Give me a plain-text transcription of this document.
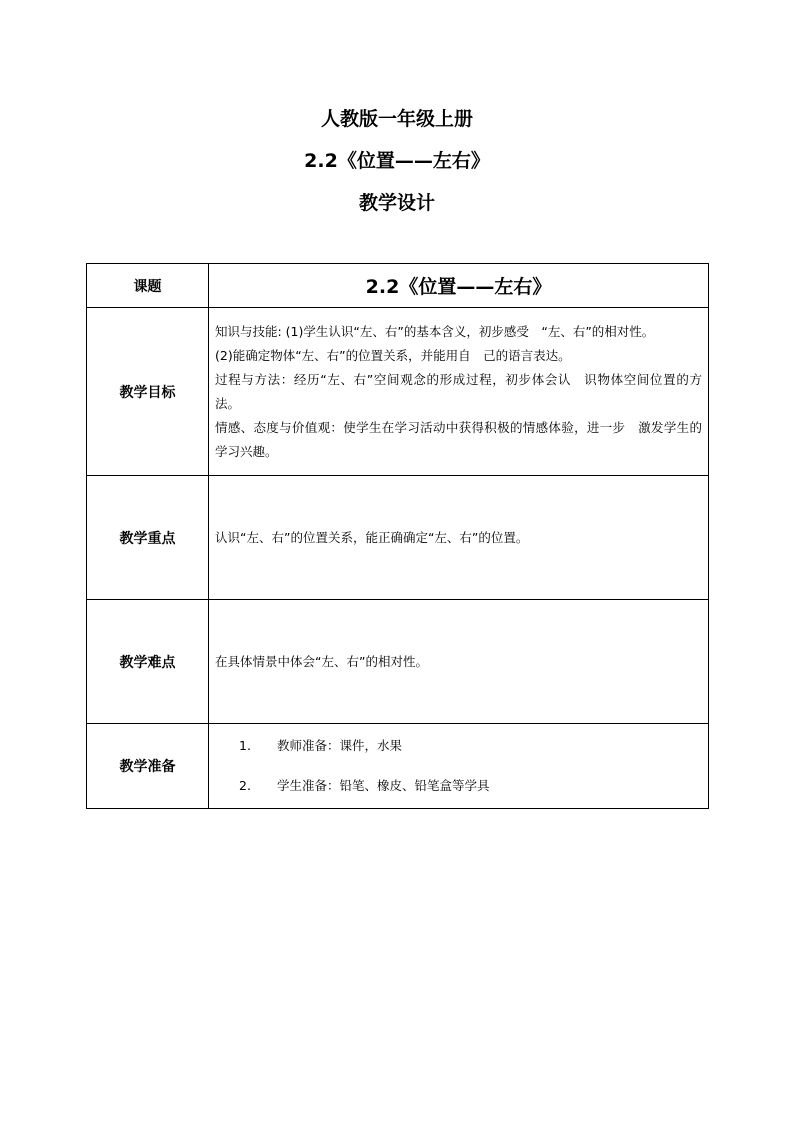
人教版一年级上册
2.2《位置——左右》
教学设计
课题	2.2《位置——左右》
教学目标	知识与技能: (1)学生认识“左、右”的基本含义，初步感受　“左、右”的相对性。

(2)能确定物体“左、右”的位置关系，并能用自　己的语言表达。

过程与方法：经历“左、右”空间观念的形成过程，初步体会认　识物体空间位置的方法。

情感、态度与价值观：使学生在学习活动中获得积极的情感体验，进一步　激发学生的学习兴趣。

教学重点	认识“左、右”的位置关系，能正确确定“左、右”的位置。

教学难点	在具体情景中体会“左、右”的相对性。

教学准备	1. 教师准备：课件，水果
2. 学生准备：铅笔、橡皮、铅笔盒等学具
